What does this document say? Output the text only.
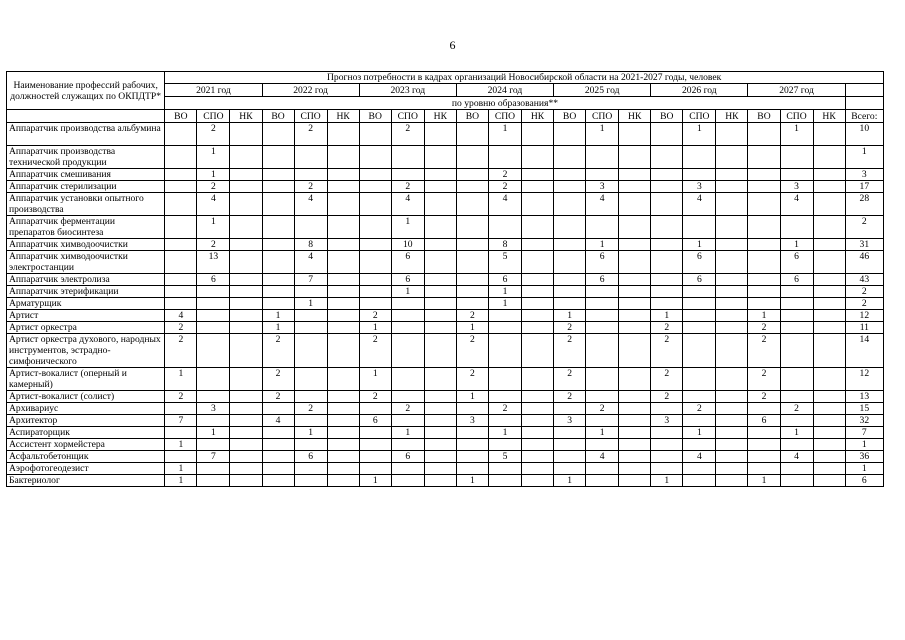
6
Наименование профессий рабочих, должностей служащих по ОКПДТР*	Прогноз потребности в кадрах организаций Новосибирской области на 2021-2027 годы, человек																					
	2021 год			2022 год			2023 год			2024 год			2025 год			2026 год			2027 год			
	по уровню образования**																					
	ВО	СПО	НК	ВО	СПО	НК	ВО	СПО	НК	ВО	СПО	НК	ВО	СПО	НК	ВО	СПО	НК	ВО	СПО	НК	Всего:
Аппаратчик производства альбумина		2			2			2			1			1			1			1		10
Аппаратчик производства технической продукции		1																				1
Аппаратчик смешивания		1									2											3
Аппаратчик стерилизации		2			2			2			2			3			3			3		17
Аппаратчик установки опытного производства		4			4			4			4			4			4			4		28
Аппаратчик ферментации препаратов биосинтеза		1						1														2
Аппаратчик химводоочистки		2			8			10			8			1			1			1		31
Аппаратчик химводоочистки электростанции		13			4			6			5			6			6			6		46
Аппаратчик электролиза		6			7			6			6			6			6			6		43
Аппаратчик этерификации								1			1											2
Арматурщик					1						1											2
Артист	4			1			2			2			1			1			1			12
Артист оркестра	2			1			1			1			2			2			2			11
Артист оркестра духового, народных инструментов, эстрадно- симфонического	2			2			2			2			2			2			2			14
Артист-вокалист (оперный и камерный)	1			2			1			2			2			2			2			12
Артист-вокалист (солист)	2			2			2			1			2			2			2			13
Архивариус		3			2			2			2			2			2			2		15
Архитектор	7			4			6			3			3			3			6			32
Аспираторщик		1			1			1			1			1			1			1		7
Ассистент хормейстера	1																					1
Асфальтобетонщик		7			6			6			5			4			4			4		36
Аэрофотогеодезист	1																					1
Бактериолог	1						1			1			1			1			1			6
